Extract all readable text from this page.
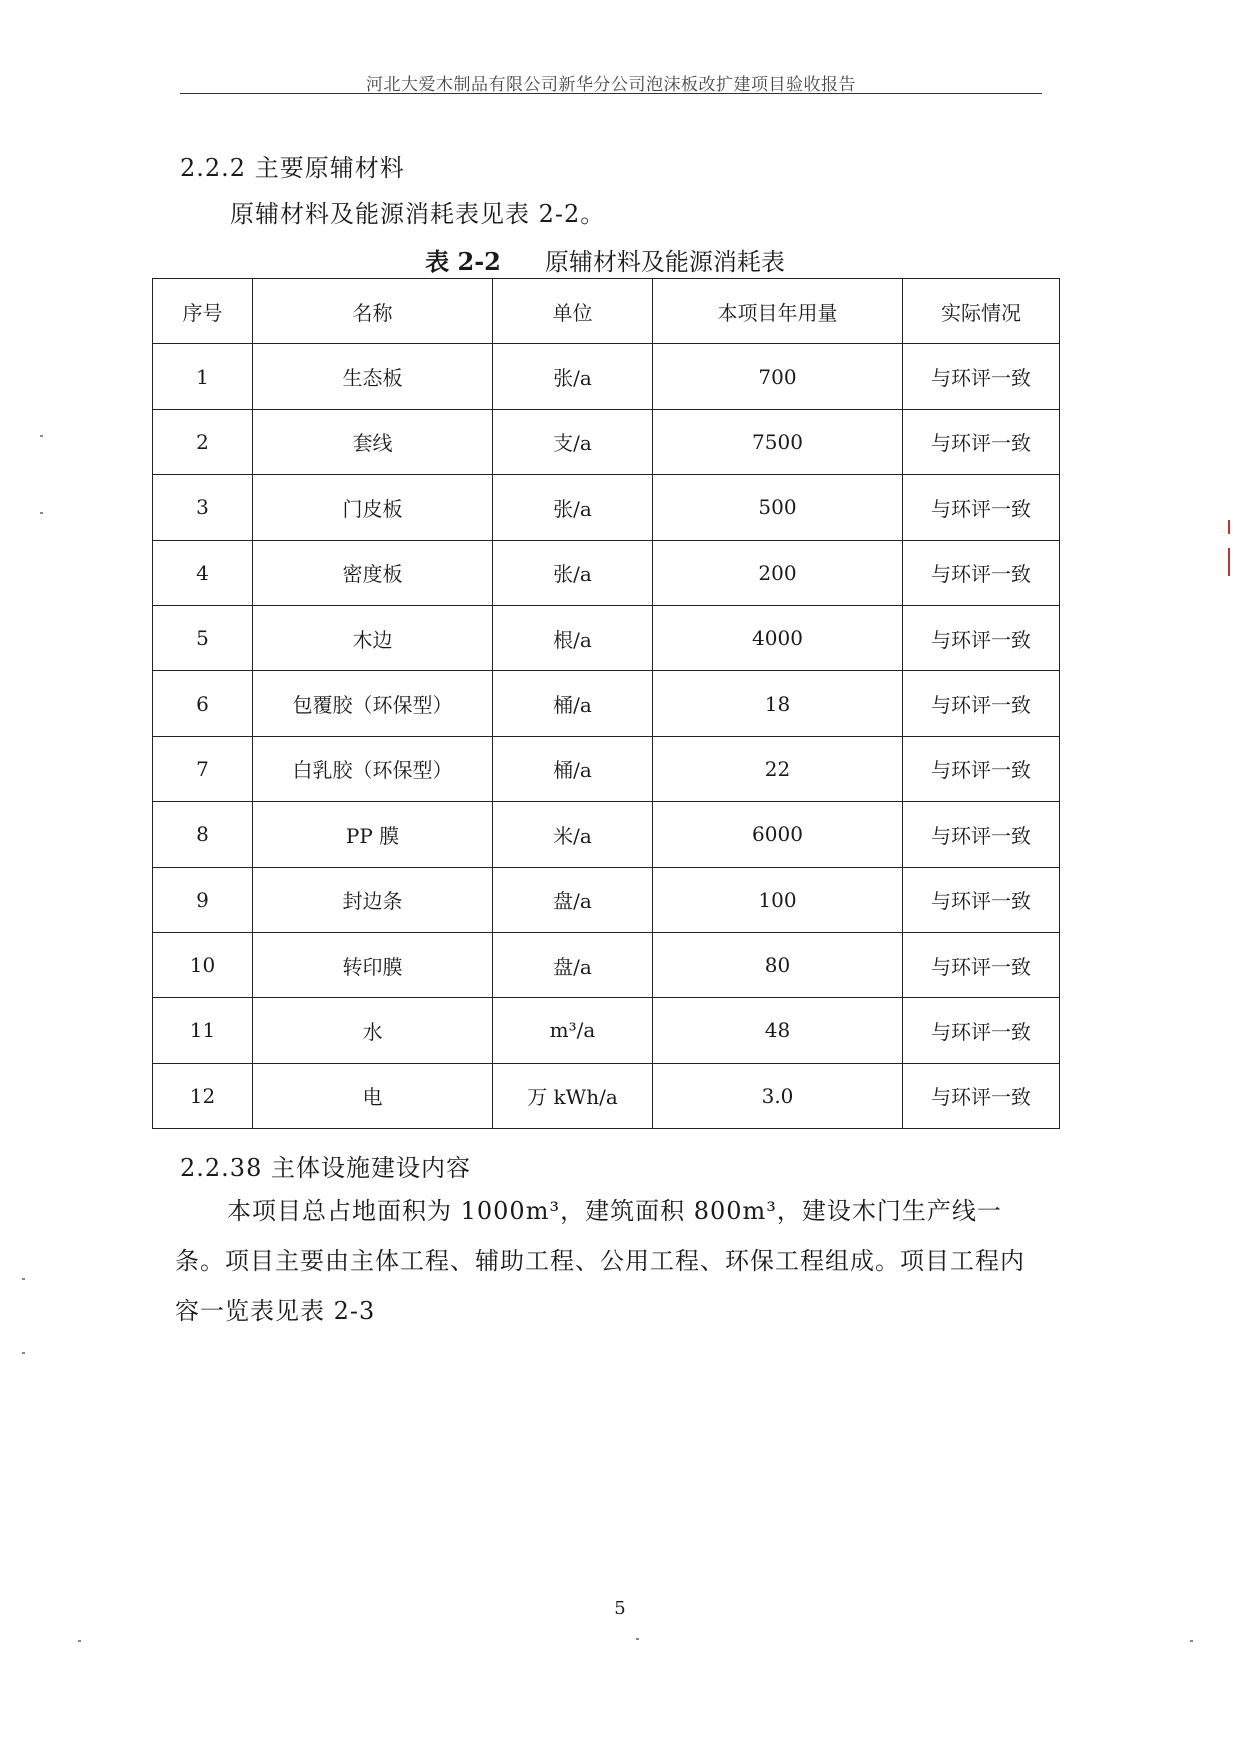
河北大爱木制品有限公司新华分公司泡沫板改扩建项目验收报告
2.2.2 主要原辅材料
原辅材料及能源消耗表见表 2-2。
表 2-2 原辅材料及能源消耗表
序号	名称	单位	本项目年用量	实际情况
1	生态板	张/a	700	与环评一致
2	套线	支/a	7500	与环评一致
3	门皮板	张/a	500	与环评一致
4	密度板	张/a	200	与环评一致
5	木边	根/a	4000	与环评一致
6	包覆胶（环保型）	桶/a	18	与环评一致
7	白乳胶（环保型）	桶/a	22	与环评一致
8	PP 膜	米/a	6000	与环评一致
9	封边条	盘/a	100	与环评一致
10	转印膜	盘/a	80	与环评一致
11	水	m³/a	48	与环评一致
12	电	万 kWh/a	3.0	与环评一致
2.2.38 主体设施建设内容
本项目总占地面积为 1000m³，建筑面积 800m³，建设木门生产线一条。项目主要由主体工程、辅助工程、公用工程、环保工程组成。项目工程内容一览表见表 2-3
5
